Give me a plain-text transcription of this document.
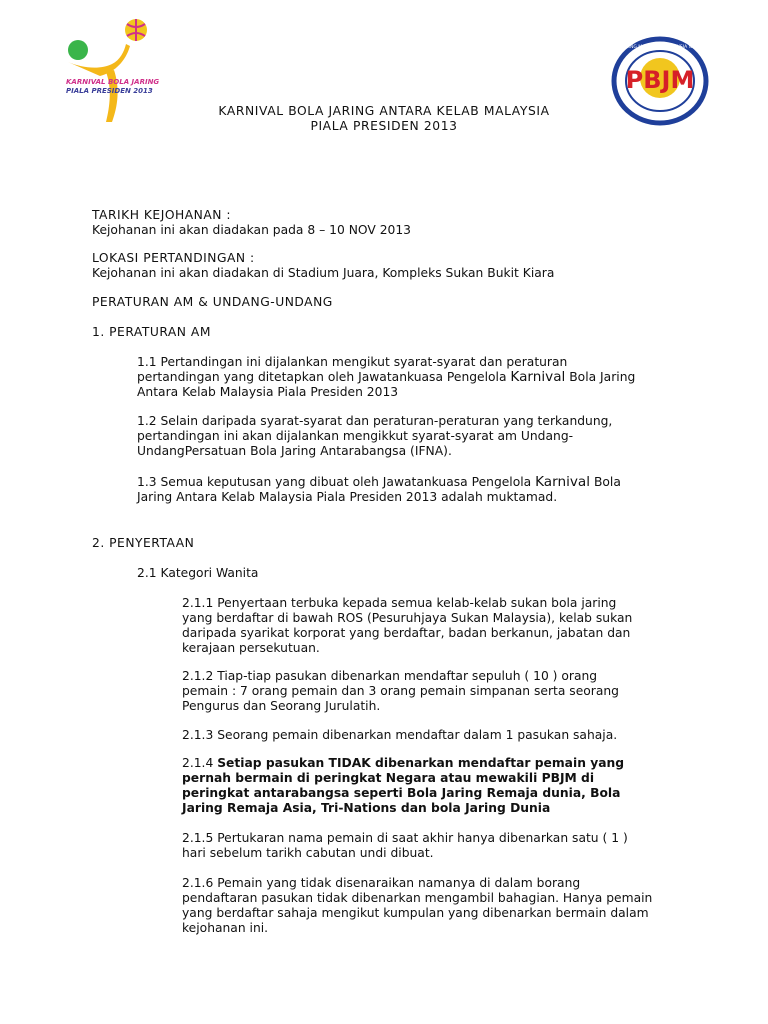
KARNIVAL BOLA JARING
PIALA PRESIDEN 2013
PERSATUAN BOLA JARING MALAYSIA · MALAYSIA NETBALL ASSOCIATION
PBJM
KARNIVAL BOLA JARING ANTARA KELAB MALAYSIA
PIALA PRESIDEN 2013
TARIKH KEJOHANAN :
Kejohanan ini akan diadakan pada 8 – 10 NOV 2013
LOKASI PERTANDINGAN :
Kejohanan ini akan diadakan di Stadium Juara, Kompleks Sukan Bukit Kiara
PERATURAN AM & UNDANG-UNDANG
1. PERATURAN AM
1.1 Pertandingan ini dijalankan mengikut syarat-syarat dan peraturan
pertandingan yang ditetapkan oleh Jawatankuasa Pengelola Karnival Bola Jaring
Antara Kelab Malaysia Piala Presiden 2013
1.2 Selain daripada syarat-syarat dan peraturan-peraturan yang terkandung,
pertandingan ini akan dijalankan mengikkut syarat-syarat am Undang-
UndangPersatuan Bola Jaring Antarabangsa (IFNA).
1.3 Semua keputusan yang dibuat oleh Jawatankuasa Pengelola Karnival Bola
Jaring Antara Kelab Malaysia Piala Presiden 2013 adalah muktamad.
2. PENYERTAAN
2.1 Kategori Wanita
2.1.1 Penyertaan terbuka kepada semua kelab-kelab sukan bola jaring
yang berdaftar di bawah ROS (Pesuruhjaya Sukan Malaysia), kelab sukan
daripada syarikat korporat yang berdaftar, badan berkanun, jabatan dan
kerajaan persekutuan.
2.1.2 Tiap-tiap pasukan dibenarkan mendaftar sepuluh ( 10 ) orang
pemain : 7 orang pemain dan 3 orang pemain simpanan serta seorang
Pengurus dan Seorang Jurulatih.
2.1.3 Seorang pemain dibenarkan mendaftar dalam 1 pasukan sahaja.
2.1.4 Setiap pasukan TIDAK dibenarkan mendaftar pemain yang
pernah bermain di peringkat Negara atau mewakili PBJM di
peringkat antarabangsa seperti Bola Jaring Remaja dunia, Bola
Jaring Remaja Asia, Tri-Nations dan bola Jaring Dunia
2.1.5 Pertukaran nama pemain di saat akhir hanya dibenarkan satu ( 1 )
hari sebelum tarikh cabutan undi dibuat.
2.1.6 Pemain yang tidak disenaraikan namanya di dalam borang
pendaftaran pasukan tidak dibenarkan mengambil bahagian. Hanya pemain
yang berdaftar sahaja mengikut kumpulan yang dibenarkan bermain dalam
kejohanan ini.
